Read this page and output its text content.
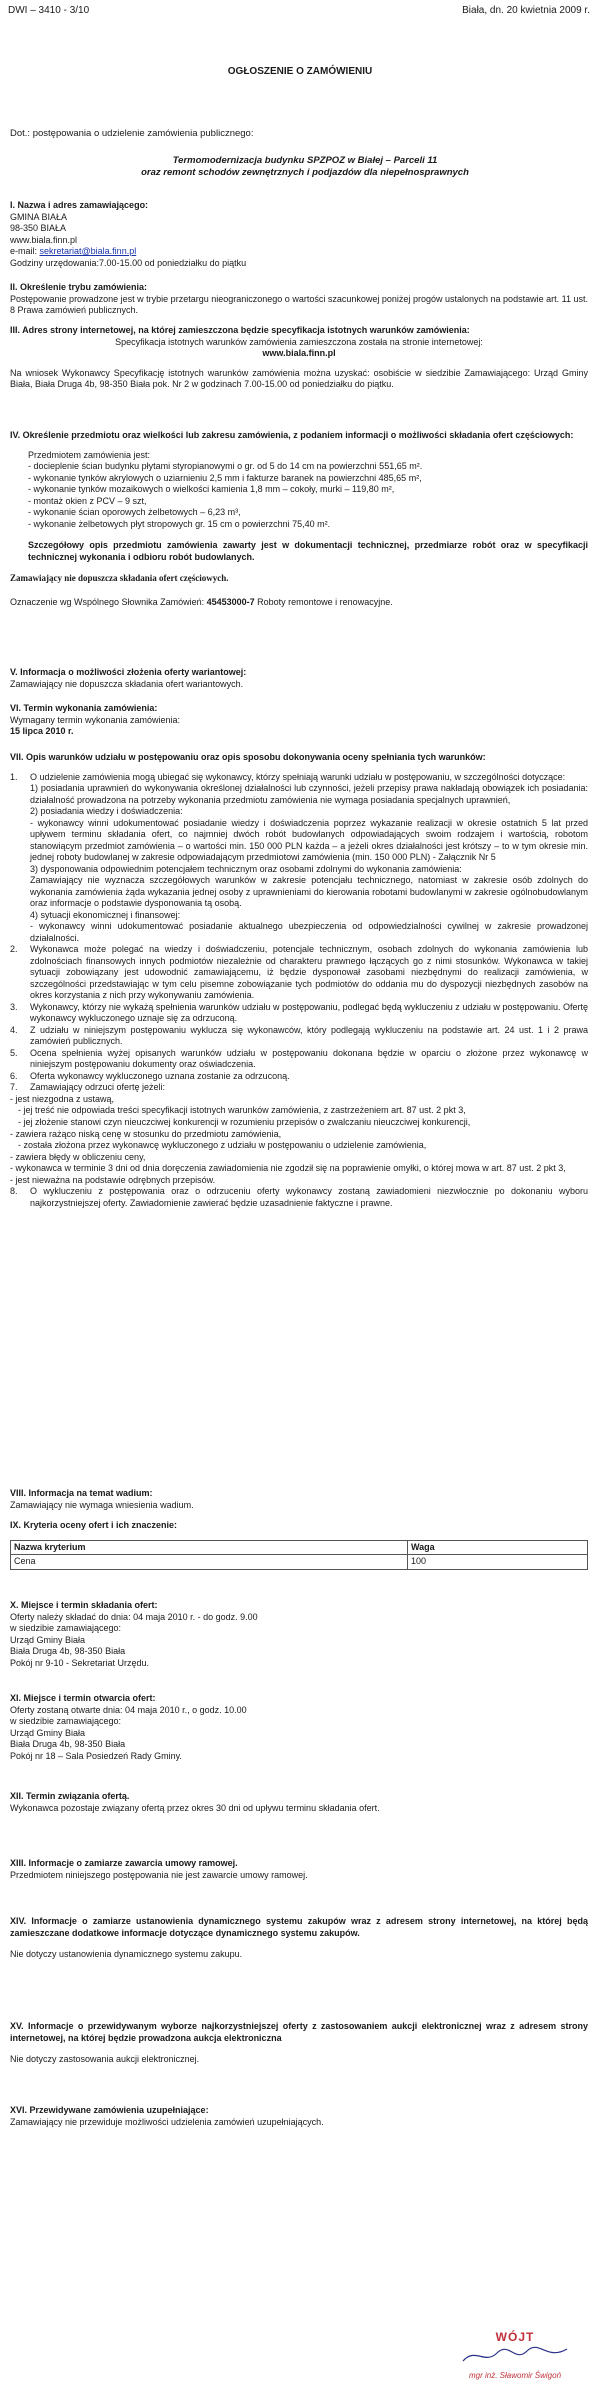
DWI – 3410 - 3/10	Biała, dn. 20 kwietnia 2009 r.
OGŁOSZENIE O ZAMÓWIENIU
Dot.: postępowania o udzielenie zamówienia publicznego:

Termomodernizacja budynku SPZPOZ w Białej – Parceli 11

oraz remont schodów zewnętrznych i podjazdów dla niepełnosprawnych

I. Nazwa i adres zamawiającego:

GMINA BIAŁA

98-350 BIAŁA

www.biala.finn.pl

e-mail: sekretariat@biala.finn.pl

Godziny urzędowania:7.00-15.00 od poniedziałku do piątku

II. Określenie trybu zamówienia:

Postępowanie prowadzone jest w trybie przetargu nieograniczonego o wartości szacunkowej poniżej progów ustalonych na podstawie art. 11 ust. 8 Prawa zamówień publicznych.

III. Adres strony internetowej, na której zamieszczona będzie specyfikacja istotnych warunków zamówienia:

Specyfikacja istotnych warunków zamówienia zamieszczona została na stronie internetowej:

www.biala.finn.pl

Na wniosek Wykonawcy Specyfikację istotnych warunków zamówienia można uzyskać: osobiście w siedzibie Zamawiającego: Urząd Gminy Biała, Biała Druga 4b, 98-350 Biała pok. Nr 2 w godzinach 7.00-15.00 od poniedziałku do piątku.

IV. Określenie przedmiotu oraz wielkości lub zakresu zamówienia, z podaniem informacji o możliwości składania ofert częściowych:

Przedmiotem zamówienia jest:

- docieplenie ścian budynku płytami styropianowymi o gr. od 5 do 14 cm na powierzchni 551,65 m².
- wykonanie tynków akrylowych o uziarnieniu 2,5 mm i fakturze baranek na powierzchni 485,65 m²,
- wykonanie tynków mozaikowych o wielkości kamienia 1,8 mm – cokoły, murki – 119,80 m²,
- montaż okien z PCV – 9 szt,
- wykonanie ścian oporowych żelbetowych – 6,23 m³,
- wykonanie żelbetowych płyt stropowych gr. 15 cm o powierzchni 75,40 m².

Szczegółowy opis przedmiotu zamówienia zawarty jest w dokumentacji technicznej, przedmiarze robót oraz w specyfikacji technicznej wykonania i odbioru robót budowlanych.

Zamawiający nie dopuszcza składania ofert częściowych.

Oznaczenie wg Wspólnego Słownika Zamówień: 45453000-7 Roboty remontowe i renowacyjne.

V. Informacja o możliwości złożenia oferty wariantowej:

Zamawiający nie dopuszcza składania ofert wariantowych.

VI. Termin wykonania zamówienia:

Wymagany termin wykonania zamówienia:

15 lipca 2010 r.

VII. Opis warunków udziału w postępowaniu oraz opis sposobu dokonywania oceny spełniania tych warunków:

1. O udzielenie zamówienia mogą ubiegać się wykonawcy, którzy spełniają warunki udziału w postępowaniu, w szczególności dotyczące:

1) posiadania uprawnień do wykonywania określonej działalności lub czynności, jeżeli przepisy prawa nakładają obowiązek ich posiadania: działalność prowadzona na potrzeby wykonania przedmiotu zamówienia nie wymaga posiadania specjalnych uprawnień,

2) posiadania wiedzy i doświadczenia:

- wykonawcy winni udokumentować posiadanie wiedzy i doświadczenia poprzez wykazanie realizacji w okresie ostatnich 5 lat przed upływem terminu składania ofert, co najmniej dwóch robót budowlanych odpowiadających swoim rodzajem i wartością, robotom stanowiącym przedmiot zamówienia – o wartości min. 150 000 PLN każda – a jeżeli okres działalności jest krótszy – to w tym okresie min. jednej roboty budowlanej w zakresie odpowiadającym przedmiotowi zamówienia (min. 150 000 PLN) - Załącznik Nr 5

3) dysponowania odpowiednim potencjałem technicznym oraz osobami zdolnymi do wykonania zamówienia:

Zamawiający nie wyznacza szczegółowych warunków w zakresie potencjału technicznego, natomiast w zakresie osób zdolnych do wykonania zamówienia żąda wykazania jednej osoby z uprawnieniami do kierowania robotami budowlanymi w zakresie ogólnobudowlanym oraz informacje o podstawie dysponowania tą osobą.

4) sytuacji ekonomicznej i finansowej:

- wykonawcy winni udokumentować posiadanie aktualnego ubezpieczenia od odpowiedzialności cywilnej w zakresie prowadzonej działalności.

2. Wykonawca może polegać na wiedzy i doświadczeniu, potencjale technicznym, osobach zdolnych do wykonania zamówienia lub zdolnościach finansowych innych podmiotów niezależnie od charakteru prawnego łączących go z nimi stosunków. Wykonawca w takiej sytuacji zobowiązany jest udowodnić zamawiającemu, iż będzie dysponował zasobami niezbędnymi do realizacji zamówienia, w szczególności przedstawiając w tym celu pisemne zobowiązanie tych podmiotów do oddania mu do dyspozycji niezbędnych zasobów na okres korzystania z nich przy wykonywaniu zamówienia.

3. Wykonawcy, którzy nie wykażą spełnienia warunków udziału w postępowaniu, podlegać będą wykluczeniu z udziału w postępowaniu. Ofertę wykonawcy wykluczonego uznaje się za odrzuconą.

4. Z udziału w niniejszym postępowaniu wyklucza się wykonawców, który podlegają wykluczeniu na podstawie art. 24 ust. 1 i 2 prawa zamówień publicznych.

5. Ocena spełnienia wyżej opisanych warunków udziału w postępowaniu dokonana będzie w oparciu o złożone przez wykonawcę w niniejszym postępowaniu dokumenty oraz oświadczenia.

6. Oferta wykonawcy wykluczonego uznana zostanie za odrzuconą.

7. Zamawiający odrzuci ofertę jeżeli:

- jest niezgodna z ustawą,
- jej treść nie odpowiada treści specyfikacji istotnych warunków zamówienia, z zastrzeżeniem art. 87 ust. 2 pkt 3,
- jej złożenie stanowi czyn nieuczciwej konkurencji w rozumieniu przepisów o zwalczaniu nieuczciwej konkurencji,
- zawiera rażąco niską cenę w stosunku do przedmiotu zamówienia,
- została złożona przez wykonawcę wykluczonego z udziału w postępowaniu o udzielenie zamówienia,
- zawiera błędy w obliczeniu ceny,
- wykonawca w terminie 3 dni od dnia doręczenia zawiadomienia nie zgodził się na poprawienie omyłki, o której mowa w art. 87 ust. 2 pkt 3,
- jest nieważna na podstawie odrębnych przepisów.
8. O wykluczeniu z postępowania oraz o odrzuceniu oferty wykonawcy zostaną zawiadomieni niezwłocznie po dokonaniu wyboru najkorzystniejszej oferty. Zawiadomienie zawierać będzie uzasadnienie faktyczne i prawne.

VIII. Informacja na temat wadium:

Zamawiający nie wymaga wniesienia wadium.

IX. Kryteria oceny ofert i ich znaczenie:

Nazwa kryterium	Waga
Cena	100

X. Miejsce i termin składania ofert:

Oferty należy składać do dnia: 04 maja 2010 r. - do godz. 9.00

w siedzibie zamawiającego:

Urząd Gminy Biała

Biała Druga 4b, 98-350 Biała

Pokój nr 9-10 - Sekretariat Urzędu.

XI. Miejsce i termin otwarcia ofert:

Oferty zostaną otwarte dnia: 04 maja 2010 r., o godz. 10.00

w siedzibie zamawiającego:

Urząd Gminy Biała

Biała Druga 4b, 98-350 Biała

Pokój nr 18 – Sala Posiedzeń Rady Gminy.

XII. Termin związania ofertą.

Wykonawca pozostaje związany ofertą przez okres 30 dni od upływu terminu składania ofert.

XIII. Informacje o zamiarze zawarcia umowy ramowej.

Przedmiotem niniejszego postępowania nie jest zawarcie umowy ramowej.

XIV. Informacje o zamiarze ustanowienia dynamicznego systemu zakupów wraz z adresem strony internetowej, na której będą zamieszczane dodatkowe informacje dotyczące dynamicznego systemu zakupów.

Nie dotyczy ustanowienia dynamicznego systemu zakupu.

XV. Informacje o przewidywanym wyborze najkorzystniejszej oferty z zastosowaniem aukcji elektronicznej wraz z adresem strony internetowej, na której będzie prowadzona aukcja elektroniczna

Nie dotyczy zastosowania aukcji elektronicznej.

XVI. Przewidywane zamówienia uzupełniające:

Zamawiający nie przewiduje możliwości udzielenia zamówień uzupełniających.

WÓJT
mgr inż. Sławomir Świgoń
